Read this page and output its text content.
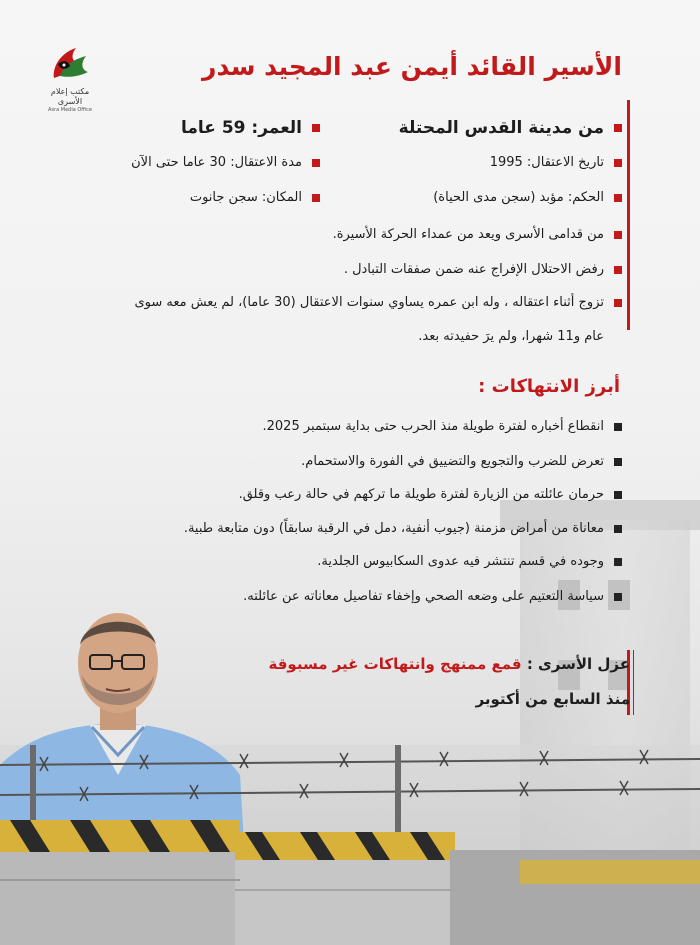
مكتب إعلام الأسرى
Asra Media Office
الأسير القائد أيمن عبد المجيد سدر
من مدينة القدس المحتلة
العمر: 59 عاما
تاريخ الاعتقال: 1995
مدة الاعتقال: 30 عاما حتى الآن
الحكم: مؤبد (سجن مدى الحياة)
المكان: سجن جانوت
من قدامى الأسرى ويعد من عمداء الحركة الأسيرة.
رفض الاحتلال الإفراج عنه ضمن صفقات التبادل .
تزوج أثناء اعتقاله ، وله ابن عمره يساوي سنوات الاعتقال (30 عاما)، لم يعش معه سوى
عام و11 شهرا، ولم يرَ حفيدته بعد.
أبرز الانتهاكات :
انقطاع أخباره لفترة طويلة منذ الحرب حتى بداية سبتمبر 2025.
تعرض للضرب والتجويع والتضييق في الفورة والاستحمام.
حرمان عائلته من الزيارة لفترة طويلة ما تركهم في حالة رعب وقلق.
معاناة من أمراض مزمنة (جيوب أنفية، دمل في الرقبة سابقاً) دون متابعة طبية.
وجوده في قسم تنتشر فيه عدوى السكابيوس الجلدية.
سياسة التعتيم على وضعه الصحي وإخفاء تفاصيل معاناته عن عائلته.
عزل الأسرى : قمع ممنهج وانتهاكات غير مسبوقة
منذ السابع من أكتوبر
